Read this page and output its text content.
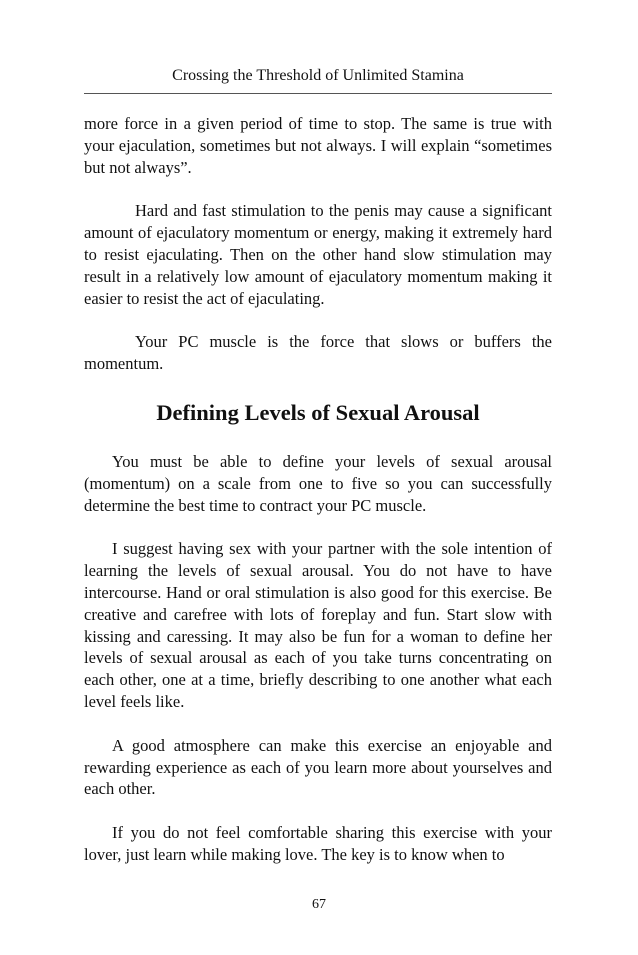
Crossing the Threshold of Unlimited Stamina

more force in a given period of time to stop. The same is true with your ejaculation, sometimes but not always. I will explain “sometimes but not always”.

Hard and fast stimulation to the penis may cause a significant amount of ejaculatory momentum or energy, making it extremely hard to resist ejaculating. Then on the other hand slow stimulation may result in a relatively low amount of ejaculatory momentum making it easier to resist the act of ejaculating.

Your PC muscle is the force that slows or buffers the momentum.

Defining Levels of Sexual Arousal

You must be able to define your levels of sexual arousal (momentum) on a scale from one to five so you can successfully determine the best time to contract your PC muscle.

I suggest having sex with your partner with the sole intention of learning the levels of sexual arousal. You do not have to have intercourse. Hand or oral stimulation is also good for this exercise. Be creative and carefree with lots of foreplay and fun. Start slow with kissing and caressing. It may also be fun for a woman to define her levels of sexual arousal as each of you take turns concentrating on each other, one at a time, briefly describing to one another what each level feels like.

A good atmosphere can make this exercise an enjoyable and rewarding experience as each of you learn more about yourselves and each other.

If you do not feel comfortable sharing this exercise with your lover, just learn while making love. The key is to know when to

67
